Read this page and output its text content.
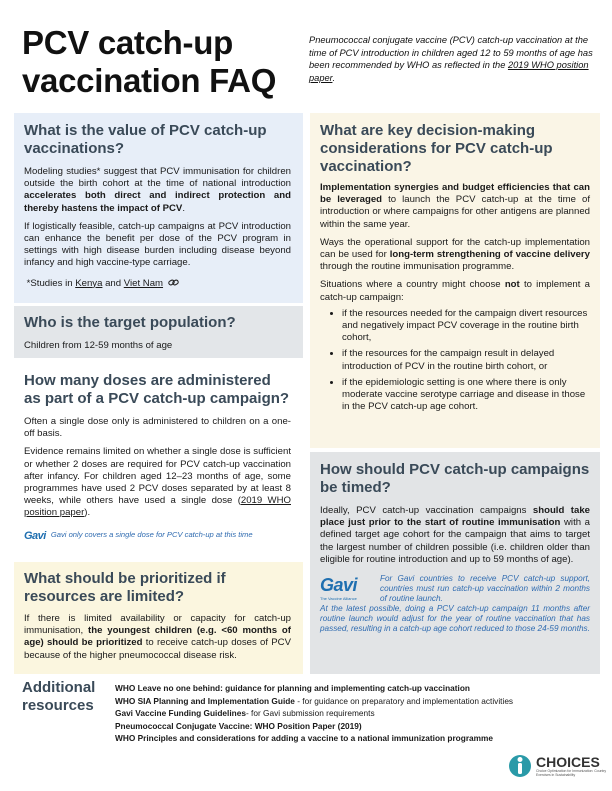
PCV catch-up vaccination FAQ
Pneumococcal conjugate vaccine (PCV) catch-up vaccination at the time of PCV introduction in children aged 12 to 59 months of age has been recommended by WHO as reflected in the 2019 WHO position paper.
What is the value of PCV catch-up vaccinations?

Modeling studies* suggest that PCV immunisation for children outside the birth cohort at the time of national introduction accelerates both direct and indirect protection and thereby hastens the impact of PCV.

If logistically feasible, catch-up campaigns at PCV introduction can enhance the benefit per dose of the PCV program in settings with high disease burden including disease beyond infancy and high vaccine-type carriage.

*Studies in Kenya and Viet Nam

Who is the target population?

Children from 12-59 months of age

How many doses are administered as part of a PCV catch-up campaign?

Often a single dose only is administered to children on a one-off basis.

Evidence remains limited on whether a single dose is sufficient or whether 2 doses are required for PCV catch-up vaccination after infancy. For children aged 12–23 months of age, some programmes have used 2 PCV doses separated by at least 8 weeks, while others have used a single dose (2019 WHO position paper).

Gavi Gavi only covers a single dose for PCV catch-up at this time
What should be prioritized if resources are limited?

If there is limited availability or capacity for catch-up immunisation, the youngest children (e.g. <60 months of age) should be prioritized to receive catch-up doses of PCV because of the higher pneumococcal disease risk.

What are key decision-making considerations for PCV catch-up vaccination?

Implementation synergies and budget efficiencies that can be leveraged to launch the PCV catch-up at the time of introduction or where campaigns for other antigens are planned within the same year.

Ways the operational support for the catch-up implementation can be used for long-term strengthening of vaccine delivery through the routine immunisation programme.

Situations where a country might choose not to implement a catch-up campaign:

• if the resources needed for the campaign divert resources and negatively impact PCV coverage in the routine birth cohort,
• if the resources for the campaign result in delayed introduction of PCV in the routine birth cohort, or
• if the epidemiologic setting is one where there is only moderate vaccine serotype carriage and disease in those in the PCV catch-up age cohort.
How should PCV catch-up campaigns be timed?

Ideally, PCV catch-up vaccination campaigns should take place just prior to the start of routine immunisation with a defined target age cohort for the campaign that aims to target the largest number of children possible (i.e. children older than eligible for routine introduction and up to 59 months of age).

Gavi
The Vaccine Alliance
For Gavi countries to receive PCV catch-up support, countries must run catch-up vaccination within 2 months of routine launch.
At the latest possible, doing a PCV catch-up campaign 11 months after routine launch would adjust for the year of routine vaccination that has passed, resulting in a catch-up age cohort reduced to those 24-59 months.
Additional resources
WHO Leave no one behind: guidance for planning and implementing catch-up vaccination
WHO SIA Planning and Implementation Guide - for guidance on preparatory and implementation activities
Gavi Vaccine Funding Guidelines- for Gavi submission requirements
Pneumococcal Conjugate Vaccine: WHO Position Paper (2019)
WHO Principles and considerations for adding a vaccine to a national immunization programme
CHOICES
Choice Optimization for Immunization: Country Exercises in Sustainability
